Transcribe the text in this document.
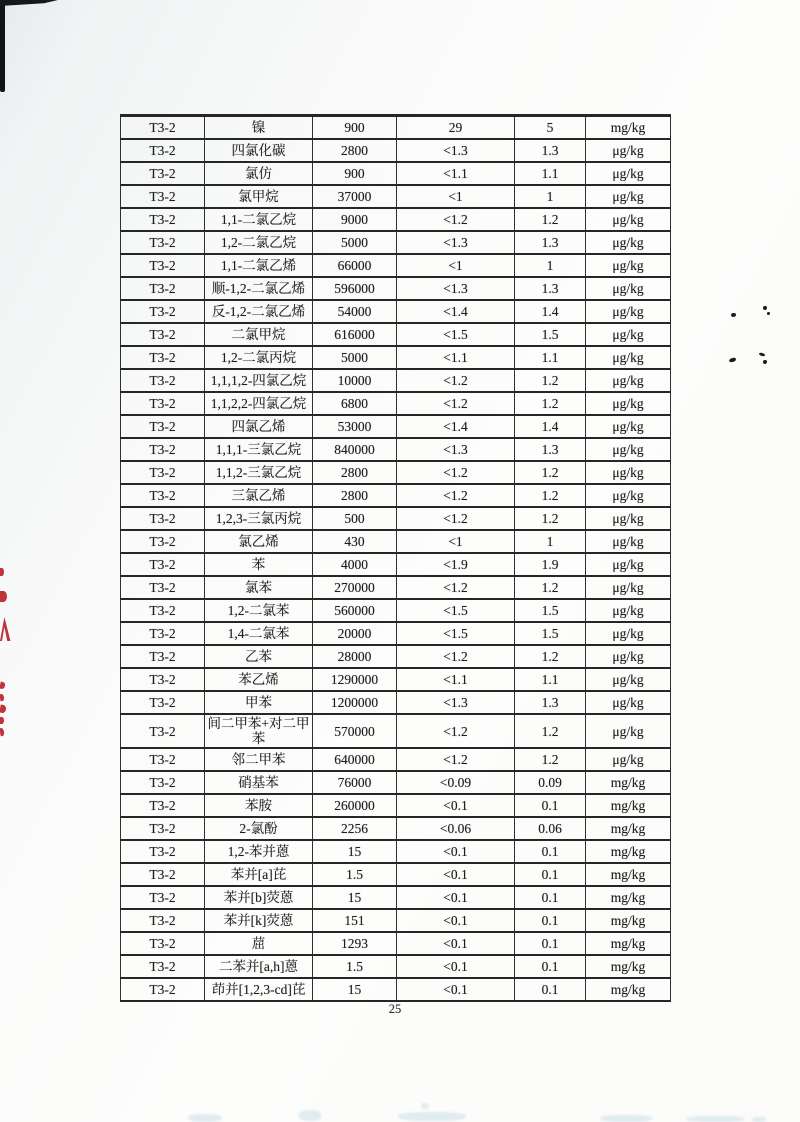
T3-2	镍	900	29	5	mg/kg
T3-2	四氯化碳	2800	<1.3	1.3	μg/kg
T3-2	氯仿	900	<1.1	1.1	μg/kg
T3-2	氯甲烷	37000	<1	1	μg/kg
T3-2	1,1-二氯乙烷	9000	<1.2	1.2	μg/kg
T3-2	1,2-二氯乙烷	5000	<1.3	1.3	μg/kg
T3-2	1,1-二氯乙烯	66000	<1	1	μg/kg
T3-2	顺-1,2-二氯乙烯	596000	<1.3	1.3	μg/kg
T3-2	反-1,2-二氯乙烯	54000	<1.4	1.4	μg/kg
T3-2	二氯甲烷	616000	<1.5	1.5	μg/kg
T3-2	1,2-二氯丙烷	5000	<1.1	1.1	μg/kg
T3-2	1,1,1,2-四氯乙烷	10000	<1.2	1.2	μg/kg
T3-2	1,1,2,2-四氯乙烷	6800	<1.2	1.2	μg/kg
T3-2	四氯乙烯	53000	<1.4	1.4	μg/kg
T3-2	1,1,1-三氯乙烷	840000	<1.3	1.3	μg/kg
T3-2	1,1,2-三氯乙烷	2800	<1.2	1.2	μg/kg
T3-2	三氯乙烯	2800	<1.2	1.2	μg/kg
T3-2	1,2,3-三氯丙烷	500	<1.2	1.2	μg/kg
T3-2	氯乙烯	430	<1	1	μg/kg
T3-2	苯	4000	<1.9	1.9	μg/kg
T3-2	氯苯	270000	<1.2	1.2	μg/kg
T3-2	1,2-二氯苯	560000	<1.5	1.5	μg/kg
T3-2	1,4-二氯苯	20000	<1.5	1.5	μg/kg
T3-2	乙苯	28000	<1.2	1.2	μg/kg
T3-2	苯乙烯	1290000	<1.1	1.1	μg/kg
T3-2	甲苯	1200000	<1.3	1.3	μg/kg
T3-2	间二甲苯+对二甲苯	570000	<1.2	1.2	μg/kg
T3-2	邻二甲苯	640000	<1.2	1.2	μg/kg
T3-2	硝基苯	76000	<0.09	0.09	mg/kg
T3-2	苯胺	260000	<0.1	0.1	mg/kg
T3-2	2-氯酚	2256	<0.06	0.06	mg/kg
T3-2	1,2-苯并蒽	15	<0.1	0.1	mg/kg
T3-2	苯并[a]芘	1.5	<0.1	0.1	mg/kg
T3-2	苯并[b]荧蒽	15	<0.1	0.1	mg/kg
T3-2	苯并[k]荧蒽	151	<0.1	0.1	mg/kg
T3-2	䓛	1293	<0.1	0.1	mg/kg
T3-2	二苯并[a,h]蒽	1.5	<0.1	0.1	mg/kg
T3-2	茚并[1,2,3-cd]芘	15	<0.1	0.1	mg/kg
25
